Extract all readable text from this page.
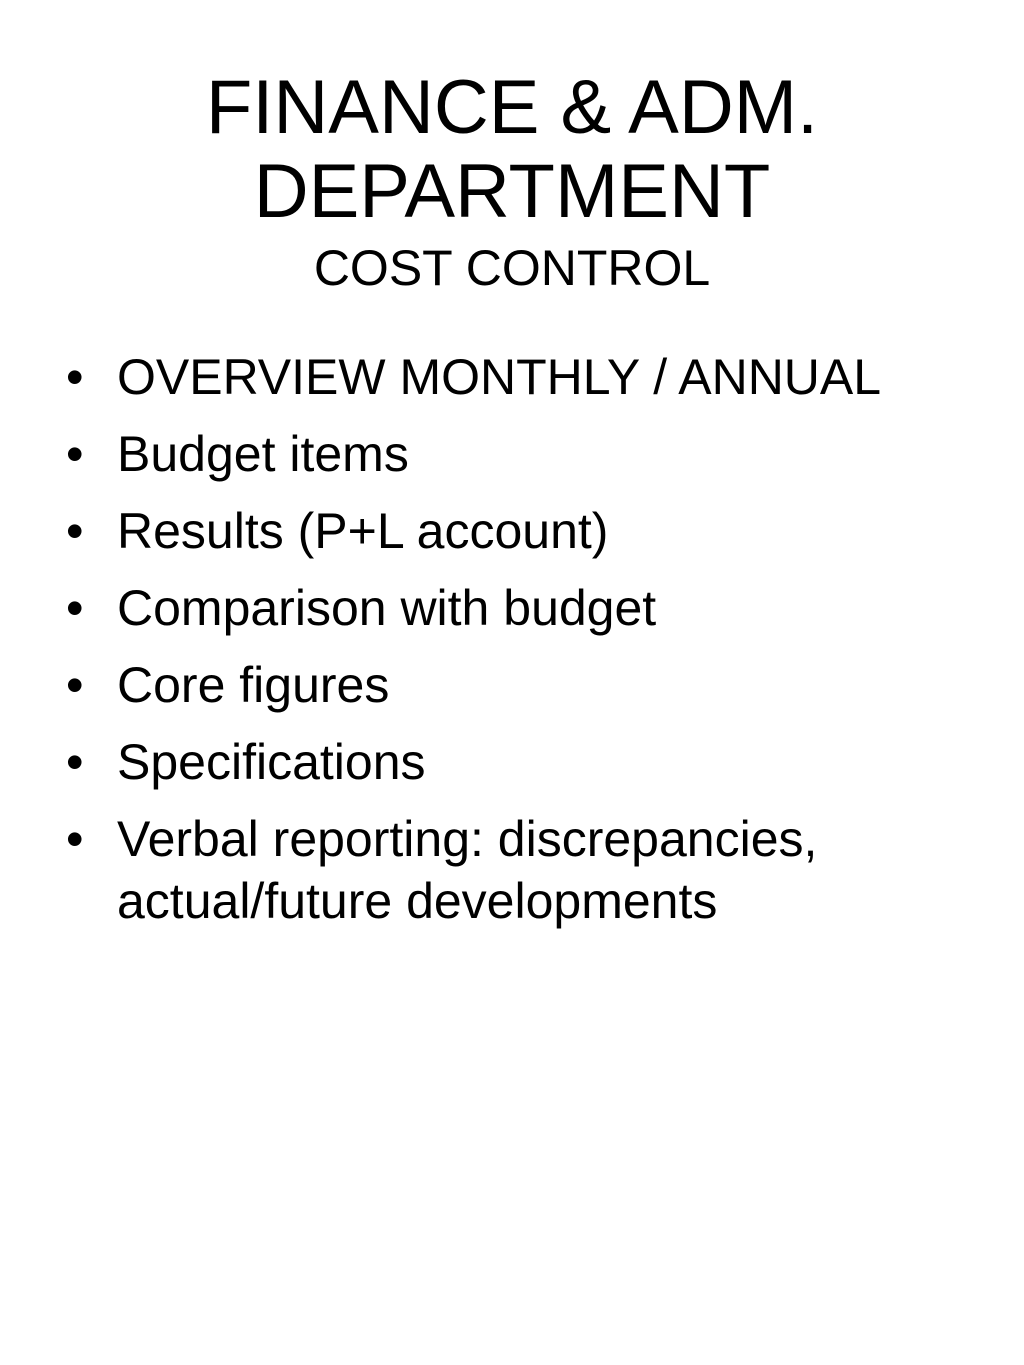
FINANCE & ADM.
DEPARTMENT
COST CONTROL
• OVERVIEW MONTHLY / ANNUAL
• Budget items
• Results (P+L account)
• Comparison with budget
• Core figures
• Specifications
• Verbal reporting: discrepancies,
actual/future developments
